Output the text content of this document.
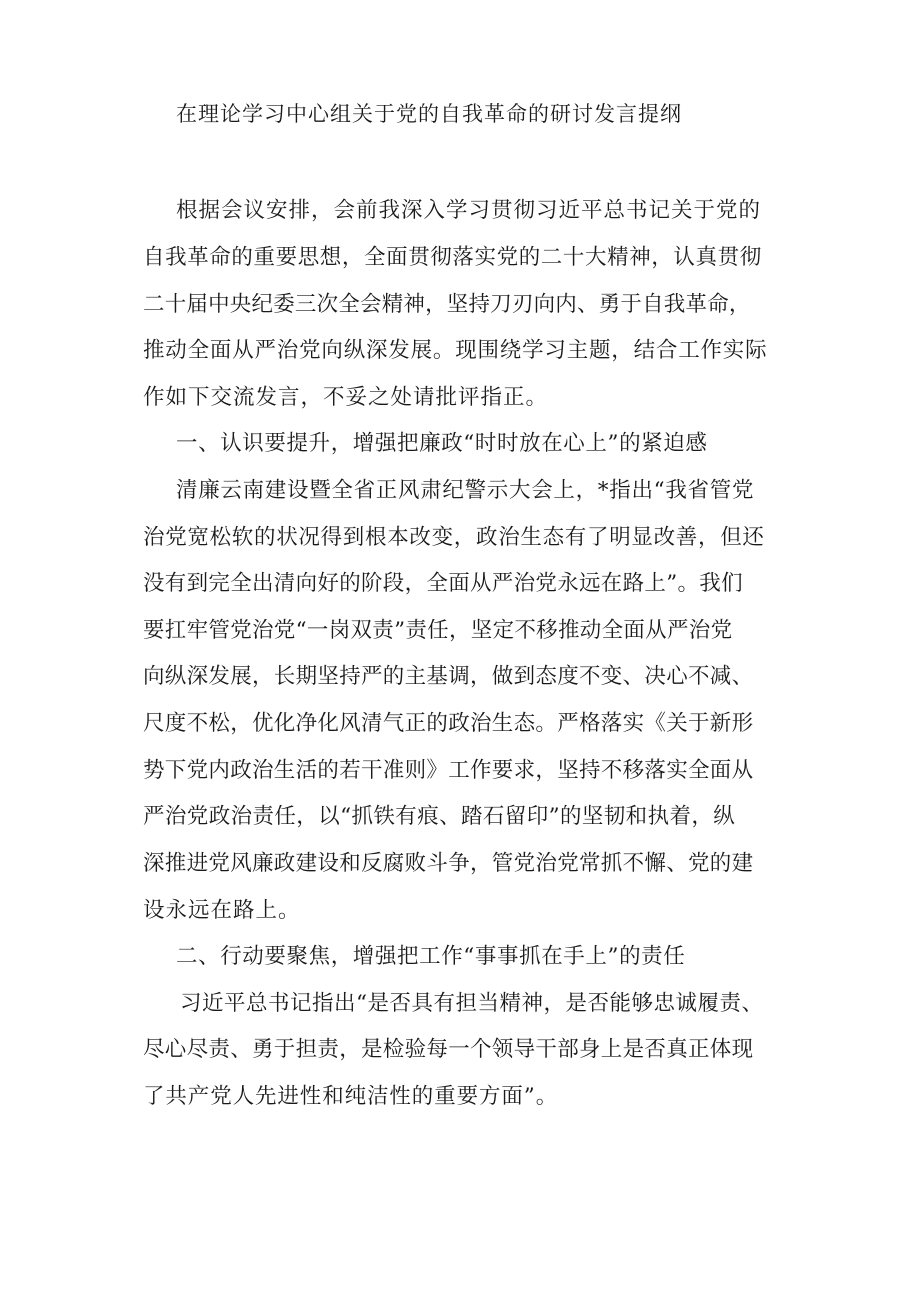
在理论学习中心组关于党的自我革命的研讨发言提纲
根据会议安排，会前我深入学习贯彻习近平总书记关于党的
自我革命的重要思想，全面贯彻落实党的二十大精神，认真贯彻
二十届中央纪委三次全会精神，坚持刀刃向内、勇于自我革命，
推动全面从严治党向纵深发展。现围绕学习主题，结合工作实际
作如下交流发言，不妥之处请批评指正。
一、认识要提升，增强把廉政“时时放在心上”的紧迫感
清廉云南建设暨全省正风肃纪警示大会上，*指出“我省管党
治党宽松软的状况得到根本改变，政治生态有了明显改善，但还
没有到完全出清向好的阶段，全面从严治党永远在路上”。我们
要扛牢管党治党“一岗双责”责任，坚定不移推动全面从严治党
向纵深发展，长期坚持严的主基调，做到态度不变、决心不减、
尺度不松，优化净化风清气正的政治生态。严格落实《关于新形
势下党内政治生活的若干准则》工作要求，坚持不移落实全面从
严治党政治责任，以“抓铁有痕、踏石留印”的坚韧和执着，纵
深推进党风廉政建设和反腐败斗争，管党治党常抓不懈、党的建
设永远在路上。
二、行动要聚焦，增强把工作“事事抓在手上”的责任
习近平总书记指出“是否具有担当精神，是否能够忠诚履责、
尽心尽责、勇于担责，是检验每一个领导干部身上是否真正体现
了共产党人先进性和纯洁性的重要方面”。
